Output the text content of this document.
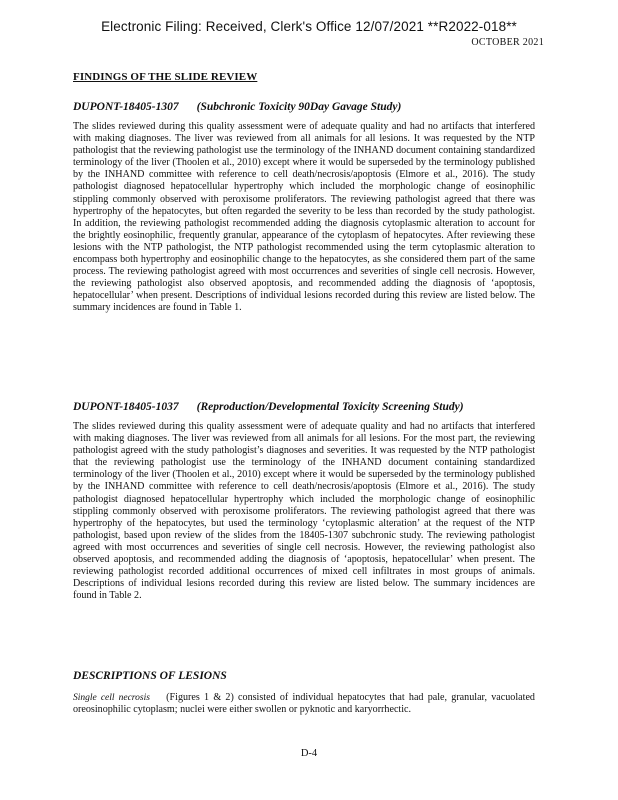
Electronic Filing: Received, Clerk's Office 12/07/2021 **R2022-018**
OCTOBER 2021
FINDINGS OF THE SLIDE REVIEW
DUPONT-18405-1307 (Subchronic Toxicity 90Day Gavage Study)

The slides reviewed during this quality assessment were of adequate quality and had no artifacts that interfered with making diagnoses. The liver was reviewed from all animals for all lesions. It was requested by the NTP pathologist that the reviewing pathologist use the terminology of the INHAND document containing standardized terminology of the liver (Thoolen et al., 2010) except where it would be superseded by the terminology published by the INHAND committee with reference to cell death/necrosis/apoptosis (Elmore et al., 2016). The study pathologist diagnosed hepatocellular hypertrophy which included the morphologic change of eosinophilic stippling commonly observed with peroxisome proliferators. The reviewing pathologist agreed that there was hypertrophy of the hepatocytes, but often regarded the severity to be less than recorded by the study pathologist. In addition, the reviewing pathologist recommended adding the diagnosis cytoplasmic alteration to account for the brightly eosinophilic, frequently granular, appearance of the cytoplasm of hepatocytes. After reviewing these lesions with the NTP pathologist, the NTP pathologist recommended using the term cytoplasmic alteration to encompass both hypertrophy and eosinophilic change to the hepatocytes, as she considered them part of the same process. The reviewing pathologist agreed with most occurrences and severities of single cell necrosis. However, the reviewing pathologist also observed apoptosis, and recommended adding the diagnosis of ‘apoptosis, hepatocellular’ when present. Descriptions of individual lesions recorded during this review are listed below. The summary incidences are found in Table 1.

DUPONT-18405-1037 (Reproduction/Developmental Toxicity Screening Study)

The slides reviewed during this quality assessment were of adequate quality and had no artifacts that interfered with making diagnoses. The liver was reviewed from all animals for all lesions. For the most part, the reviewing pathologist agreed with the study pathologist’s diagnoses and severities. It was requested by the NTP pathologist that the reviewing pathologist use the terminology of the INHAND document containing standardized terminology of the liver (Thoolen et al., 2010) except where it would be superseded by the terminology published by the INHAND committee with reference to cell death/necrosis/apoptosis (Elmore et al., 2016). The study pathologist diagnosed hepatocellular hypertrophy which included the morphologic change of eosinophilic stippling commonly observed with peroxisome proliferators. The reviewing pathologist agreed that there was hypertrophy of the hepatocytes, but used the terminology ‘cytoplasmic alteration’ at the request of the NTP pathologist, based upon review of the slides from the 18405-1307 subchronic study. The reviewing pathologist agreed with most occurrences and severities of single cell necrosis. However, the reviewing pathologist also observed apoptosis, and recommended adding the diagnosis of ‘apoptosis, hepatocellular’ when present. The reviewing pathologist recorded additional occurrences of mixed cell infiltrates in most groups of animals. Descriptions of individual lesions recorded during this review are listed below. The summary incidences are found in Table 2.

DESCRIPTIONS OF LESIONS

Single cell necrosis (Figures 1 & 2) consisted of individual hepatocytes that had pale, granular, vacuolated oreosinophilic cytoplasm; nuclei were either swollen or pyknotic and karyorrhectic.

D-4
